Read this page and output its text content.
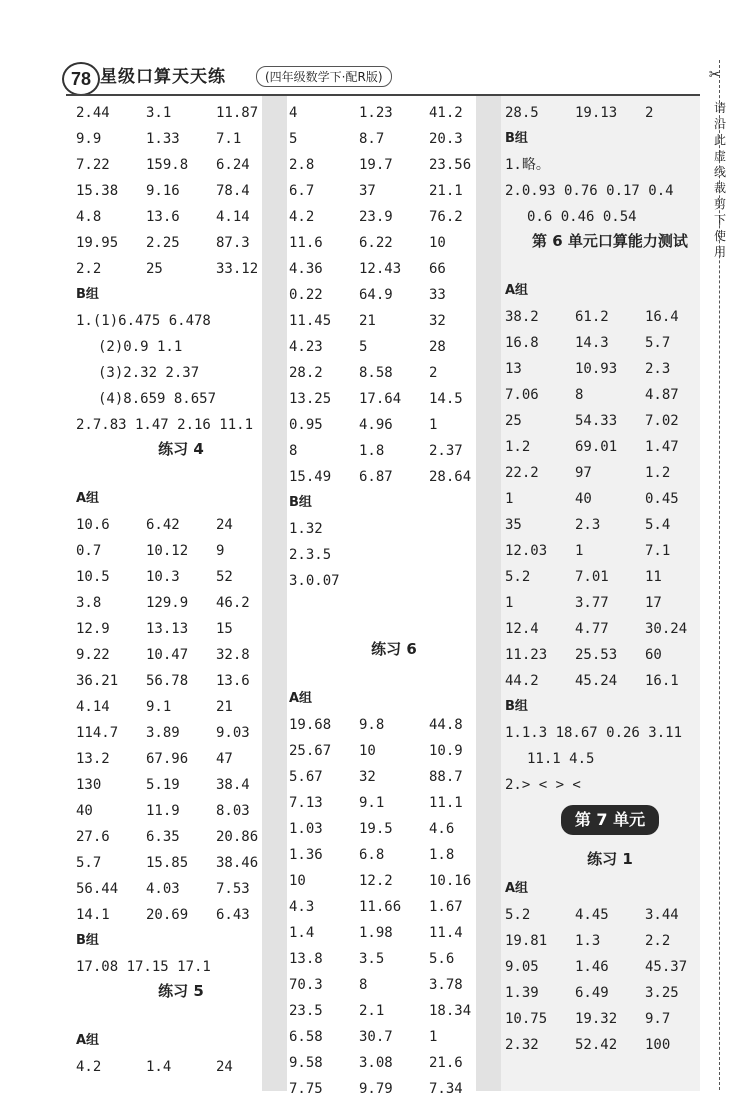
78 星级口算天天练	(四年级数学下·配R版)	✂
请沿此虚线裁剪下使用
2.44	3.1	11.87
9.9	1.33	7.1
7.22	159.8 6.24
15.38 9.16	78.4
4.8	13.6	4.14
19.95 2.25	87.3
2.2	25	33.12
B组
1.(1)6.475 6.478
(2)0.9 1.1
(3)2.32 2.37
(4)8.659 8.657
2.7.83 1.47 2.16 11.1
练习 4
A组
10.6	6.42	24
0.7	10.12 9
10.5	10.3	52
3.8	129.9 46.2
12.9	13.13 15
9.22	10.47 32.8
36.21 56.78 13.6
4.14	9.1	21
114.7 3.89	9.03
13.2	67.96 47
130	5.19	38.4
40	11.9	8.03
27.6	6.35	20.86
5.7	15.85 38.46
56.44 4.03	7.53
14.1	20.69 6.43
B组
17.08 17.15 17.1
练习 5
A组
4.2	1.4	24
4	1.23	41.2
5	8.7	20.3
2.8	19.7	23.56
6.7	37	21.1
4.2	23.9	76.2
11.6	6.22	10
4.36	12.43 66
0.22	64.9	33
11.45 21	32
4.23	5	28
28.2	8.58	2
13.25 17.64 14.5
0.95	4.96	1
8	1.8	2.37
15.49 6.87	28.64
B组
1.32
2.3.5
3.0.07
练习 6
A组
19.68 9.8	44.8
25.67 10	10.9
5.67	32	88.7
7.13	9.1	11.1
1.03	19.5	4.6
1.36	6.8	1.8
10	12.2	10.16
4.3	11.66 1.67
1.4	1.98	11.4
13.8	3.5	5.6
70.3	8	3.78
23.5	2.1	18.34
6.58	30.7	1
9.58	3.08	21.6
7.75	9.79	7.34
28.5	19.13 2
B组
1.略。
2.0.93 0.76 0.17 0.4
0.6 0.46 0.54
第 6 单元口算能力测试
A组
38.2	61.2	16.4
16.8	14.3	5.7
13	10.93 2.3
7.06	8	4.87
25	54.33 7.02
1.2	69.01 1.47
22.2	97	1.2
1	40	0.45
35	2.3	5.4
12.03 1	7.1
5.2	7.01	11
1	3.77	17
12.4	4.77	30.24
11.23 25.53 60
44.2	45.24 16.1
B组
1.1.3 18.67 0.26 3.11
11.1 4.5
2.> < > <
第 7 单元
练习 1
A组
5.2	4.45	3.44
19.81 1.3	2.2
9.05	1.46	45.37
1.39	6.49	3.25
10.75 19.32 9.7
2.32	52.42 100
